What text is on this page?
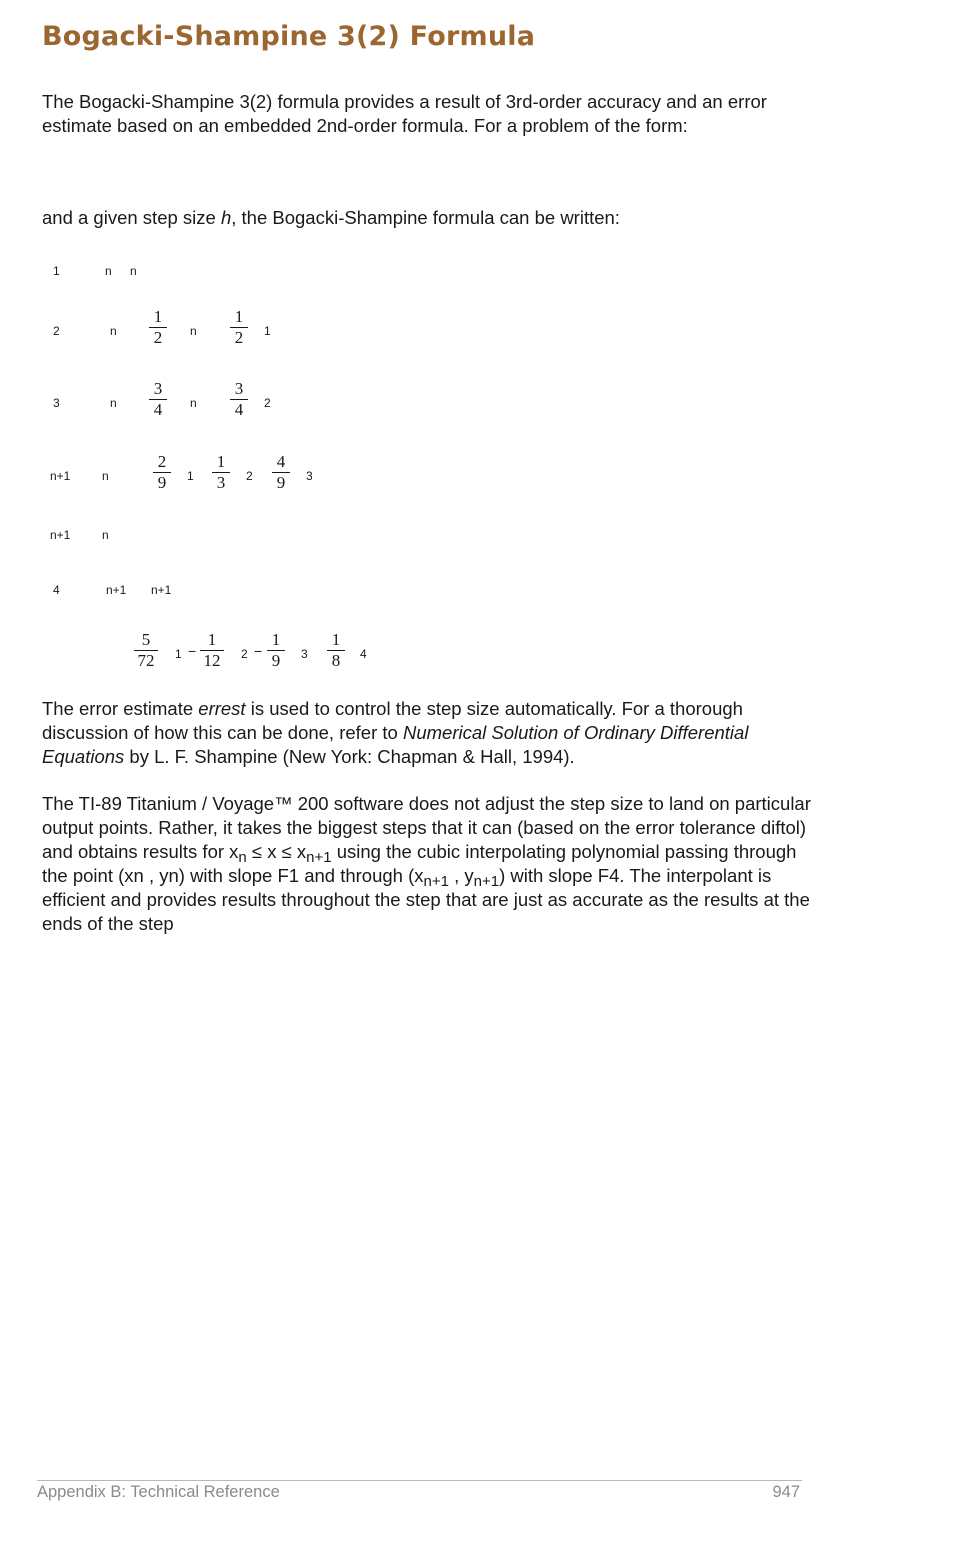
Bogacki-Shampine 3(2) Formula

The Bogacki-Shampine 3(2) formula provides a result of 3rd-order accuracy and an error estimate based on an embedded 2nd-order formula. For a problem of the form:

and a given step size h, the Bogacki-Shampine formula can be written:

1	n n
2	n
1
2	n
1
2	1
3	n
3
4	n
3
4	2
n+1	n
2
9	1
1
3	2
4
9	3
n+1	n
4	n+1 n+1
5
72	1 −
1
12	2 −
1
9	3
1
8	4

The error estimate errest is used to control the step size automatically. For a thorough discussion of how this can be done, refer to Numerical Solution of Ordinary Differential Equations by L. F. Shampine (New York: Chapman & Hall, 1994).

The TI-89 Titanium / Voyage™ 200 software does not adjust the step size to land on particular output points. Rather, it takes the biggest steps that it can (based on the error tolerance diftol) and obtains results for $x_n \le x \le x_{n+1}$ using the cubic interpolating polynomial passing through the point (xn , yn) with slope F1 and through ($x_{n+1}$ , $y_{n+1}$) with slope F4. The interpolant is efficient and provides results throughout the step that are just as accurate as the results at the ends of the step

Appendix B: Technical Reference	947
